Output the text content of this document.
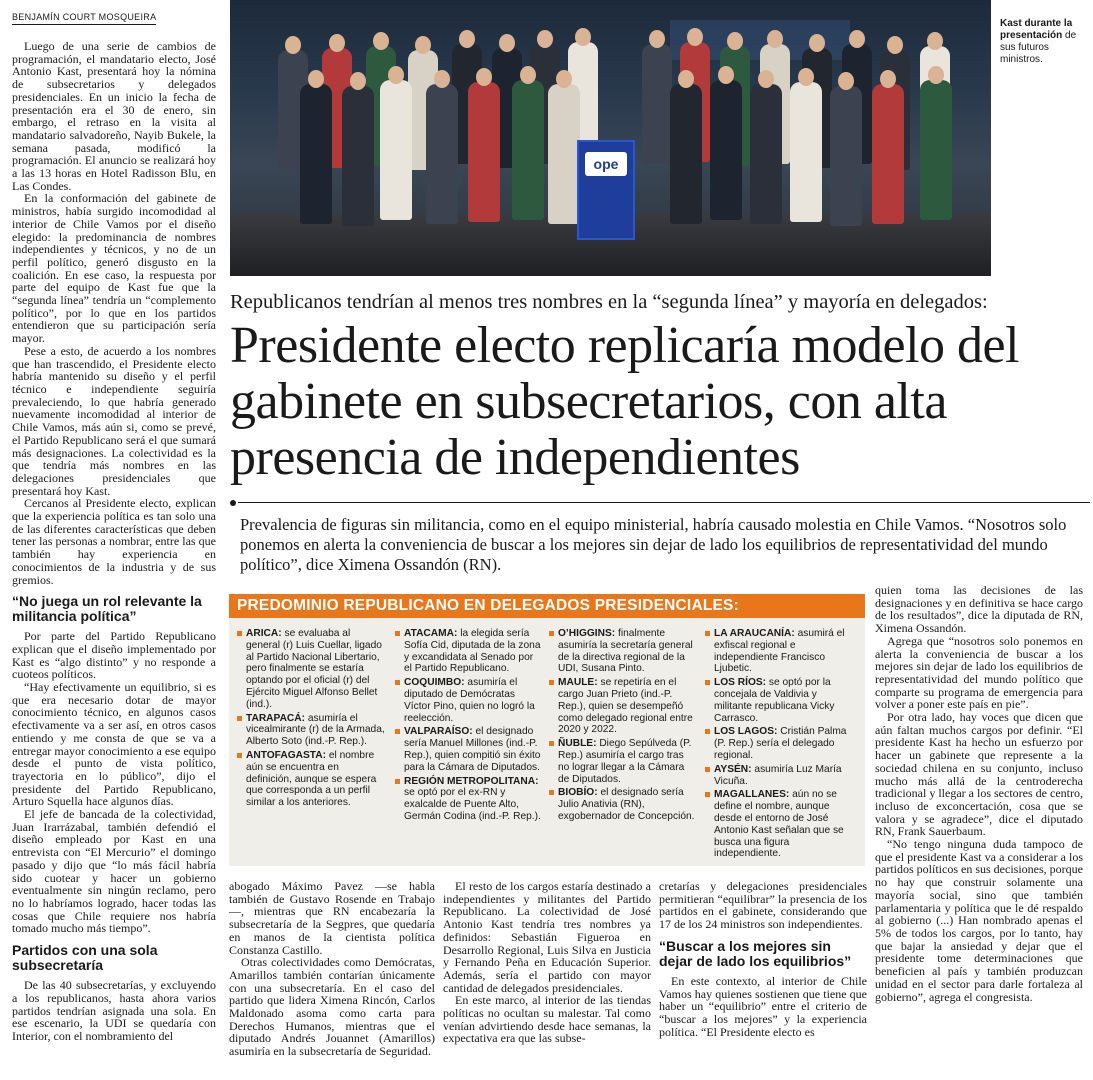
BENJAMÍN COURT MOSQUEIRA

Luego de una serie de cambios de programación, el mandatario electo, José Antonio Kast, presentará hoy la nómina de subsecretarios y delegados presidenciales. En un inicio la fecha de presentación era el 30 de enero, sin embargo, el retraso en la visita al mandatario salvadoreño, Nayib Bukele, la semana pasada, modificó la programación. El anuncio se realizará hoy a las 13 horas en Hotel Radisson Blu, en Las Condes.

En la conformación del gabinete de ministros, había surgido incomodidad al interior de Chile Vamos por el diseño elegido: la predominancia de nombres independientes y técnicos, y no de un perfil político, generó disgusto en la coalición. En ese caso, la respuesta por parte del equipo de Kast fue que la “segunda línea” tendría un “complemento político”, por lo que en los partidos entendieron que su participación sería mayor.

Pese a esto, de acuerdo a los nombres que han trascendido, el Presidente electo habría mantenido su diseño y el perfil técnico e independiente seguiría prevaleciendo, lo que habría generado nuevamente incomodidad al interior de Chile Vamos, más aún si, como se prevé, el Partido Republicano será el que sumará más designaciones. La colectividad es la que tendría más nombres en las delegaciones presidenciales que presentará hoy Kast.

Cercanos al Presidente electo, explican que la experiencia política es tan solo una de las diferentes características que deben tener las personas a nombrar, entre las que también hay experiencia en conocimientos de la industria y de sus gremios.

“No juega un rol relevante la militancia política”

Por parte del Partido Republicano explican que el diseño implementado por Kast es “algo distinto” y no responde a cuoteos políticos.

“Hay efectivamente un equilibrio, si es que era necesario dotar de mayor conocimiento técnico, en algunos casos efectivamente va a ser así, en otros casos entiendo y me consta de que se va a entregar mayor conocimiento a ese equipo desde el punto de vista político, trayectoria en lo público”, dijo el presidente del Partido Republicano, Arturo Squella hace algunos días.

El jefe de bancada de la colectividad, Juan Irarrázabal, también defendió el diseño empleado por Kast en una entrevista con “El Mercurio” el domingo pasado y dijo que “lo más fácil habría sido cuotear y hacer un gobierno eventualmente sin ningún reclamo, pero no lo habríamos logrado, hacer todas las cosas que Chile requiere nos habría tomado mucho más tiempo”.

Partidos con una sola subsecretaría

De las 40 subsecretarías, y excluyendo a los republicanos, hasta ahora varios partidos tendrían asignada una sola. En ese escenario, la UDI se quedaría con Interior, con el nombramiento del

ope
Kast durante la presentación de sus futuros ministros.
Republicanos tendrían al menos tres nombres en la “segunda línea” y mayoría en delegados:
Presidente electo replicaría modelo del gabinete en subsecretarios, con alta presencia de independientes
Prevalencia de figuras sin militancia, como en el equipo ministerial, habría causado molestia en Chile Vamos. “Nosotros solo ponemos en alerta la conveniencia de buscar a los mejores sin dejar de lado los equilibrios de representatividad del mundo político”, dice Ximena Ossandón (RN).
PREDOMINIO REPUBLICANO EN DELEGADOS PRESIDENCIALES:
ARICA: se evaluaba al general (r) Luis Cuellar, ligado al Partido Nacional Libertario, pero finalmente se estaría optando por el oficial (r) del Ejército Miguel Alfonso Bellet (ind.).
TARAPACÁ: asumiría el vicealmirante (r) de la Armada, Alberto Soto (ind.-P. Rep.).
ANTOFAGASTA: el nombre aún se encuentra en definición, aunque se espera que corresponda a un perfil similar a los anteriores.
ATACAMA: la elegida sería Sofía Cid, diputada de la zona y excandidata al Senado por el Partido Republicano.
COQUIMBO: asumiría el diputado de Demócratas Víctor Pino, quien no logró la reelección.
VALPARAÍSO: el designado sería Manuel Millones (ind.-P. Rep.), quien compitió sin éxito para la Cámara de Diputados.
REGIÓN METROPOLITANA: se optó por el ex-RN y exalcalde de Puente Alto, Germán Codina (ind.-P. Rep.).
O’HIGGINS: finalmente asumiría la secretaría general de la directiva regional de la UDI, Susana Pinto.
MAULE: se repetiría en el cargo Juan Prieto (ind.-P. Rep.), quien se desempeñó como delegado regional entre 2020 y 2022.
ÑUBLE: Diego Sepúlveda (P. Rep.) asumiría el cargo tras no lograr llegar a la Cámara de Diputados.
BIOBÍO: el designado sería Julio Anativia (RN), exgobernador de Concepción.
LA ARAUCANÍA: asumirá el exfiscal regional e independiente Francisco Ljubetic.
LOS RÍOS: se optó por la concejala de Valdivia y militante republicana Vicky Carrasco.
LOS LAGOS: Cristián Palma (P. Rep.) sería el delegado regional.
AYSÉN: asumiría Luz María Vicuña.
MAGALLANES: aún no se define el nombre, aunque desde el entorno de José Antonio Kast señalan que se busca una figura independiente.

abogado Máximo Pavez —se habla también de Gustavo Rosende en Trabajo—, mientras que RN encabezaría la subsecretaría de la Segpres, que quedaría en manos de la cientista política Constanza Castillo.

Otras colectividades como Demócratas, Amarillos también contarían únicamente con una subsecretaría. En el caso del partido que lidera Ximena Rincón, Carlos Maldonado asoma como carta para Derechos Humanos, mientras que el diputado Andrés Jouannet (Amarillos) asumiría en la subsecretaría de Seguridad.

El resto de los cargos estaría destinado a independientes y militantes del Partido Republicano. La colectividad de José Antonio Kast tendría tres nombres ya definidos: Sebastián Figueroa en Desarrollo Regional, Luis Silva en Justicia y Fernando Peña en Educación Superior. Además, sería el partido con mayor cantidad de delegados presidenciales.

En este marco, al interior de las tiendas políticas no ocultan su malestar. Tal como venían advirtiendo desde hace semanas, la expectativa era que las subse-

cretarías y delegaciones presidenciales permitieran “equilibrar” la presencia de los partidos en el gabinete, considerando que 17 de los 24 ministros son independientes.

“Buscar a los mejores sin dejar de lado los equilibrios”

En este contexto, al interior de Chile Vamos hay quienes sostienen que tiene que haber un “equilibrio” entre el criterio de “buscar a los mejores” y la experiencia política. “El Presidente electo es

quien toma las decisiones de las designaciones y en definitiva se hace cargo de los resultados”, dice la diputada de RN, Ximena Ossandón.

Agrega que “nosotros solo ponemos en alerta la conveniencia de buscar a los mejores sin dejar de lado los equilibrios de representatividad del mundo político que comparte su programa de emergencia para volver a poner este país en pie”.

Por otra lado, hay voces que dicen que aún faltan muchos cargos por definir. “El presidente Kast ha hecho un esfuerzo por hacer un gabinete que represente a la sociedad chilena en su conjunto, incluso mucho más allá de la centroderecha tradicional y llegar a los sectores de centro, incluso de exconcertación, cosa que se valora y se agradece”, dice el diputado RN, Frank Sauerbaum.

“No tengo ninguna duda tampoco de que el presidente Kast va a considerar a los partidos políticos en sus decisiones, porque no hay que construir solamente una mayoría social, sino que también parlamentaria y política que le dé respaldo al gobierno (...) Han nombrado apenas el 5% de todos los cargos, por lo tanto, hay que bajar la ansiedad y dejar que el presidente tome determinaciones que beneficien al país y también produzcan unidad en el sector para darle fortaleza al gobierno”, agrega el congresista.
